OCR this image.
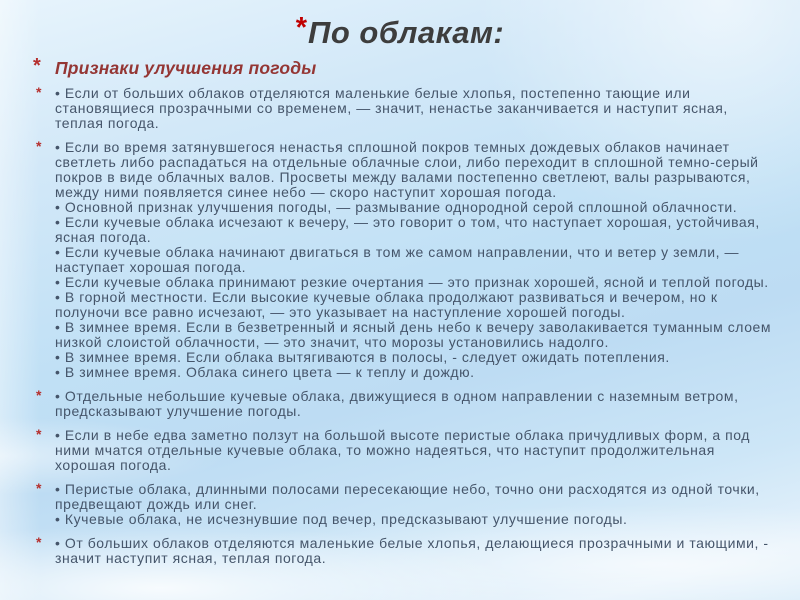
* По облакам:
* Признаки улучшения погоды
* • Если от больших облаков отделяются маленькие белые хлопья, постепенно тающие или становящиеся прозрачными со временем, — значит, ненастье заканчивается и наступит ясная, теплая погода.

* • Если во время затянувшегося ненастья сплошной покров темных дождевых облаков начинает светлеть либо распадаться на отдельные облачные слои, либо переходит в сплошной темно-серый покров в виде облачных валов. Просветы между валами постепенно светлеют, валы разрываются, между ними появляется синее небо — скоро наступит хорошая погода.

• Основной признак улучшения погоды, — размывание однородной серой сплошной облачности.

• Если кучевые облака исчезают к вечеру, — это говорит о том, что наступает хорошая, устойчивая, ясная погода.

• Если кучевые облака начинают двигаться в том же самом направлении, что и ветер у земли, — наступает хорошая погода.

• Если кучевые облака принимают резкие очертания — это признак хорошей, ясной и теплой погоды.

• В горной местности. Если высокие кучевые облака продолжают развиваться и вечером, но к полуночи все равно исчезают, — это указывает на наступление хорошей погоды.

• В зимнее время. Если в безветренный и ясный день небо к вечеру заволакивается туманным слоем низкой слоистой облачности, — это значит, что морозы установились надолго.

• В зимнее время. Если облака вытягиваются в полосы, - следует ожидать потепления.

• В зимнее время. Облака синего цвета — к теплу и дождю.

* • Отдельные небольшие кучевые облака, движущиеся в одном направлении с наземным ветром, предсказывают улучшение погоды.

* • Если в небе едва заметно ползут на большой высоте перистые облака причудливых форм, а под ними мчатся отдельные кучевые облака, то можно надеяться, что наступит продолжительная хорошая погода.

* • Перистые облака, длинными полосами пересекающие небо, точно они расходятся из одной точки, предвещают дождь или снег.

• Кучевые облака, не исчезнувшие под вечер, предсказывают улучшение погоды.

* • От больших облаков отделяются маленькие белые хлопья, делающиеся прозрачными и тающими, - значит наступит ясная, теплая погода.
